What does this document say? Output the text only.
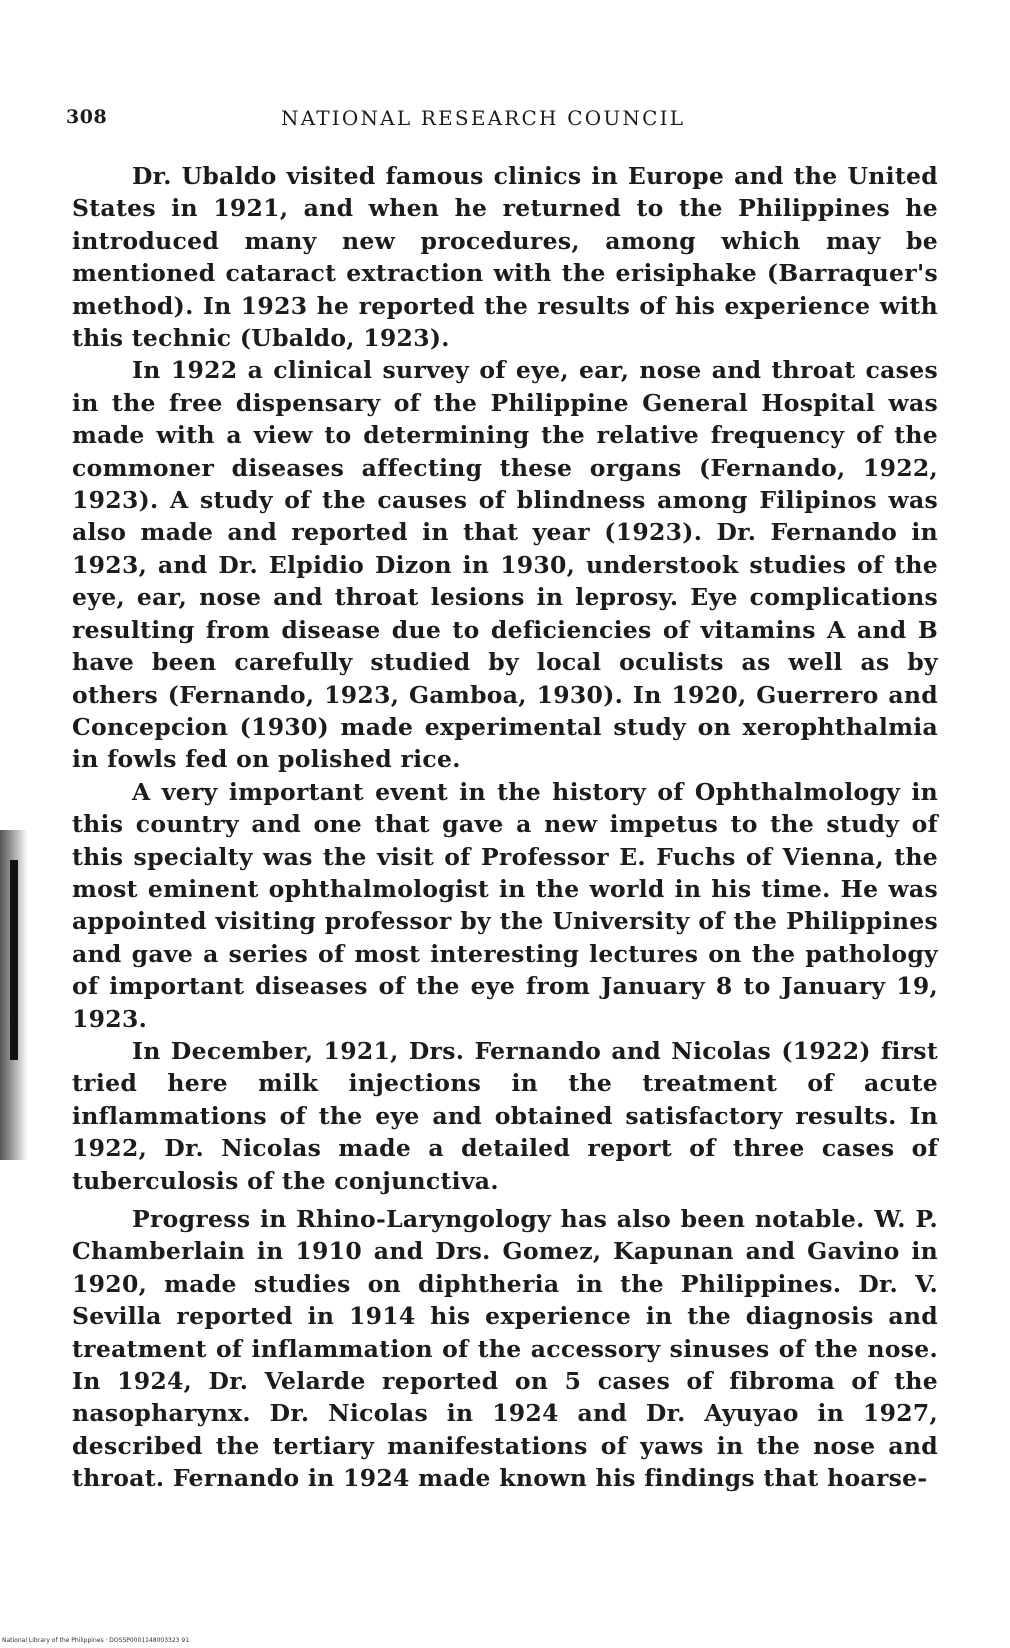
308	NATIONAL RESEARCH COUNCIL

Dr. Ubaldo visited famous clinics in Europe and the United States in 1921, and when he returned to the Philippines he introduced many new procedures, among which may be mentioned cataract extraction with the erisiphake (Barraquer's method). In 1923 he reported the results of his experience with this technic (Ubaldo, 1923).

In 1922 a clinical survey of eye, ear, nose and throat cases in the free dispensary of the Philippine General Hospital was made with a view to determining the relative frequency of the commoner diseases affecting these organs (Fernando, 1922, 1923). A study of the causes of blindness among Filipinos was also made and reported in that year (1923). Dr. Fernando in 1923, and Dr. Elpidio Dizon in 1930, understook studies of the eye, ear, nose and throat lesions in leprosy. Eye complications resulting from disease due to deficiencies of vitamins A and B have been carefully studied by local oculists as well as by others (Fernando, 1923, Gamboa, 1930). In 1920, Guerrero and Concepcion (1930) made experimental study on xerophthalmia in fowls fed on polished rice.

A very important event in the history of Ophthalmology in this country and one that gave a new impetus to the study of this specialty was the visit of Professor E. Fuchs of Vienna, the most eminent ophthalmologist in the world in his time. He was appointed visiting professor by the University of the Philippines and gave a series of most interesting lectures on the pathology of important diseases of the eye from January 8 to January 19, 1923.

In December, 1921, Drs. Fernando and Nicolas (1922) first tried here milk injections in the treatment of acute inflammations of the eye and obtained satisfactory results. In 1922, Dr. Nicolas made a detailed report of three cases of tuberculosis of the conjunctiva.

Progress in Rhino-Laryngology has also been notable. W. P. Chamberlain in 1910 and Drs. Gomez, Kapunan and Gavino in 1920, made studies on diphtheria in the Philippines. Dr. V. Sevilla reported in 1914 his experience in the diagnosis and treatment of inflammation of the accessory sinuses of the nose. In 1924, Dr. Velarde reported on 5 cases of fibroma of the nasopharynx. Dr. Nicolas in 1924 and Dr. Ayuyao in 1927, described the tertiary manifestations of yaws in the nose and throat. Fernando in 1924 made known his findings that hoarse-

National Library of the Philippines · DOSSP0001148003323 91
